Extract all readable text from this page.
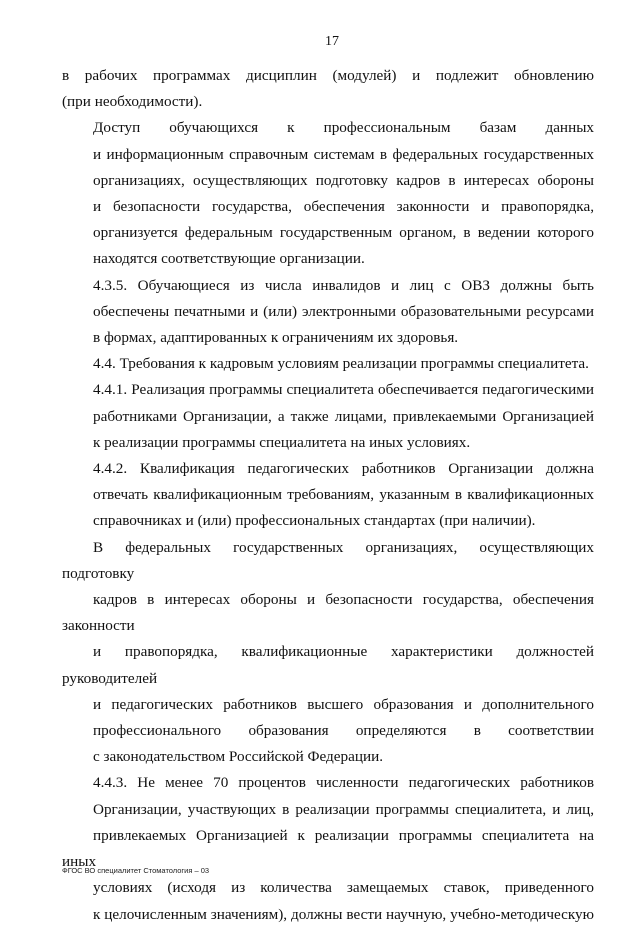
17

в рабочих программах дисциплин (модулей) и подлежит обновлению
(при необходимости).

Доступ обучающихся к профессиональным базам данных
и информационным справочным системам в федеральных государственных
организациях, осуществляющих подготовку кадров в интересах обороны
и безопасности государства, обеспечения законности и правопорядка,
организуется федеральным государственным органом, в ведении которого
находятся соответствующие организации.

4.3.5. Обучающиеся из числа инвалидов и лиц с ОВЗ должны быть
обеспечены печатными и (или) электронными образовательными ресурсами
в формах, адаптированных к ограничениям их здоровья.

4.4. Требования к кадровым условиям реализации программы специалитета.

4.4.1. Реализация программы специалитета обеспечивается педагогическими
работниками Организации, а также лицами, привлекаемыми Организацией
к реализации программы специалитета на иных условиях.

4.4.2. Квалификация педагогических работников Организации должна
отвечать квалификационным требованиям, указанным в квалификационных
справочниках и (или) профессиональных стандартах (при наличии).

В федеральных государственных организациях, осуществляющих подготовку
кадров в интересах обороны и безопасности государства, обеспечения законности
и правопорядка, квалификационные характеристики должностей руководителей
и педагогических работников высшего образования и дополнительного
профессионального образования определяются в соответствии
с законодательством Российской Федерации.

4.4.3. Не менее 70 процентов численности педагогических работников
Организации, участвующих в реализации программы специалитета, и лиц,
привлекаемых Организацией к реализации программы специалитета на иных
условиях (исходя из количества замещаемых ставок, приведенного
к целочисленным значениям), должны вести научную, учебно-методическую

ФГОС ВО специалитет Стоматология – 03
